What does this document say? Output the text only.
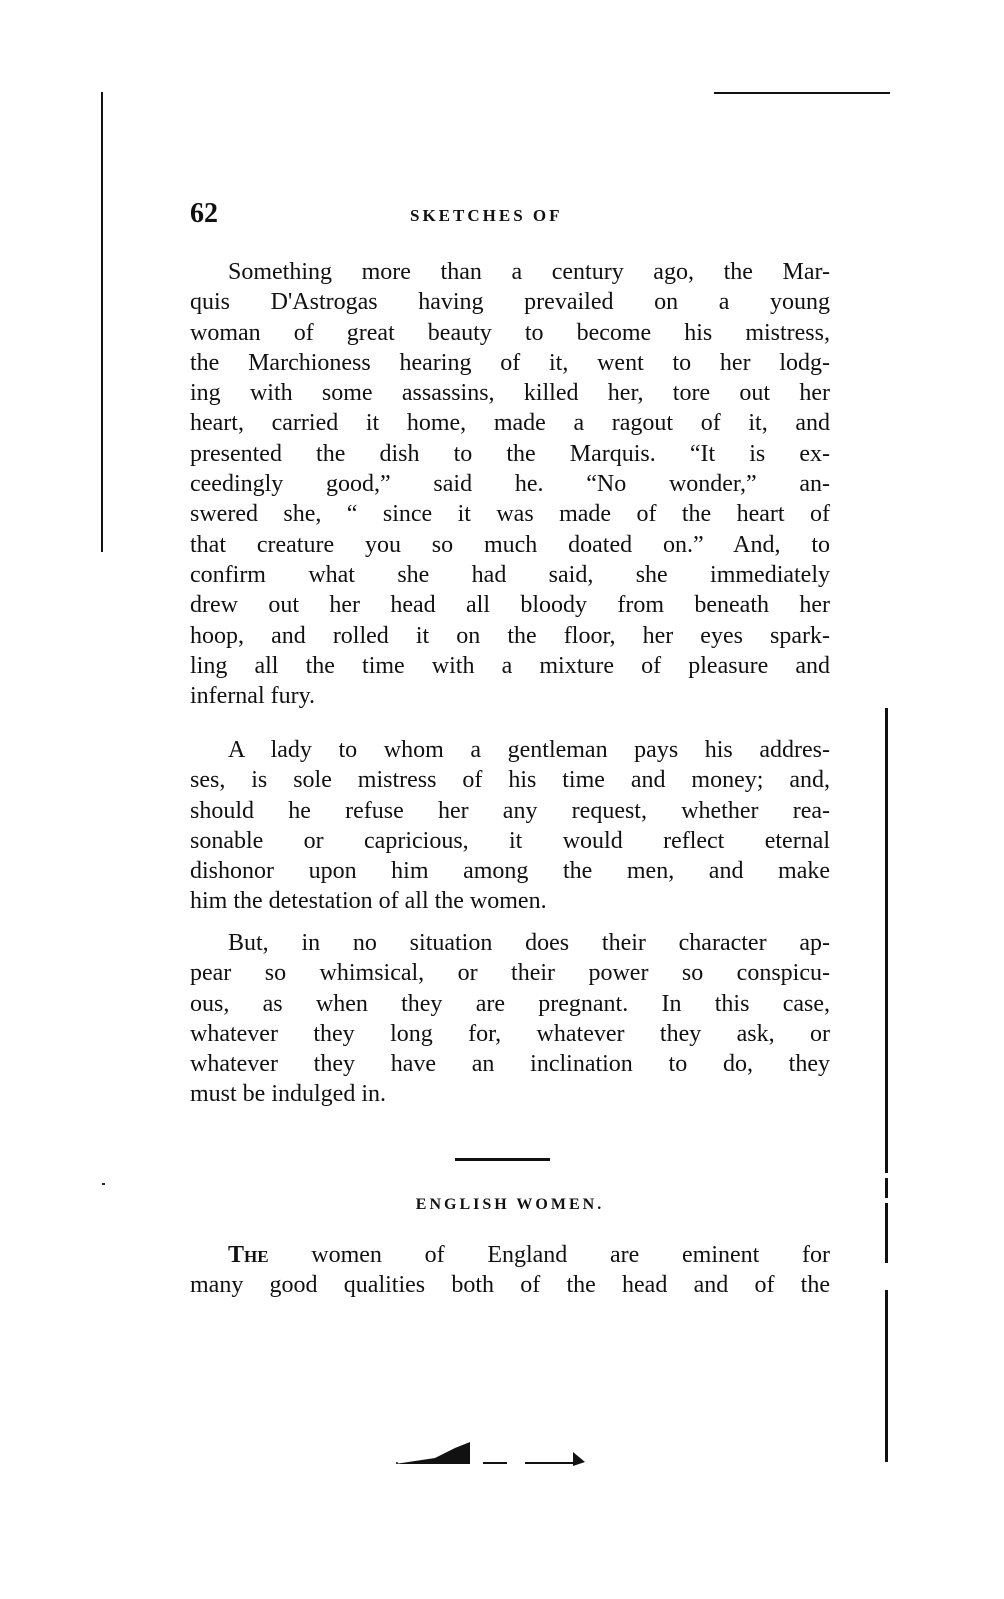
62	SKETCHES OF
Something more than a century ago, the Mar-
quis D'Astrogas having prevailed on a young
woman of great beauty to become his mistress,
the Marchioness hearing of it, went to her lodg-
ing with some assassins, killed her, tore out her
heart, carried it home, made a ragout of it, and
presented the dish to the Marquis. “It is ex-
ceedingly good,” said he. “No wonder,” an-
swered she, “ since it was made of the heart of
that creature you so much doated on.” And, to
confirm what she had said, she immediately
drew out her head all bloody from beneath her
hoop, and rolled it on the floor, her eyes spark-
ling all the time with a mixture of pleasure and
infernal fury.
A lady to whom a gentleman pays his addres-
ses, is sole mistress of his time and money; and,
should he refuse her any request, whether rea-
sonable or capricious, it would reflect eternal
dishonor upon him among the men, and make
him the detestation of all the women.
But, in no situation does their character ap-
pear so whimsical, or their power so conspicu-
ous, as when they are pregnant. In this case,
whatever they long for, whatever they ask, or
whatever they have an inclination to do, they
must be indulged in.
ENGLISH WOMEN.
The women of England are eminent for
many good qualities both of the head and of the
